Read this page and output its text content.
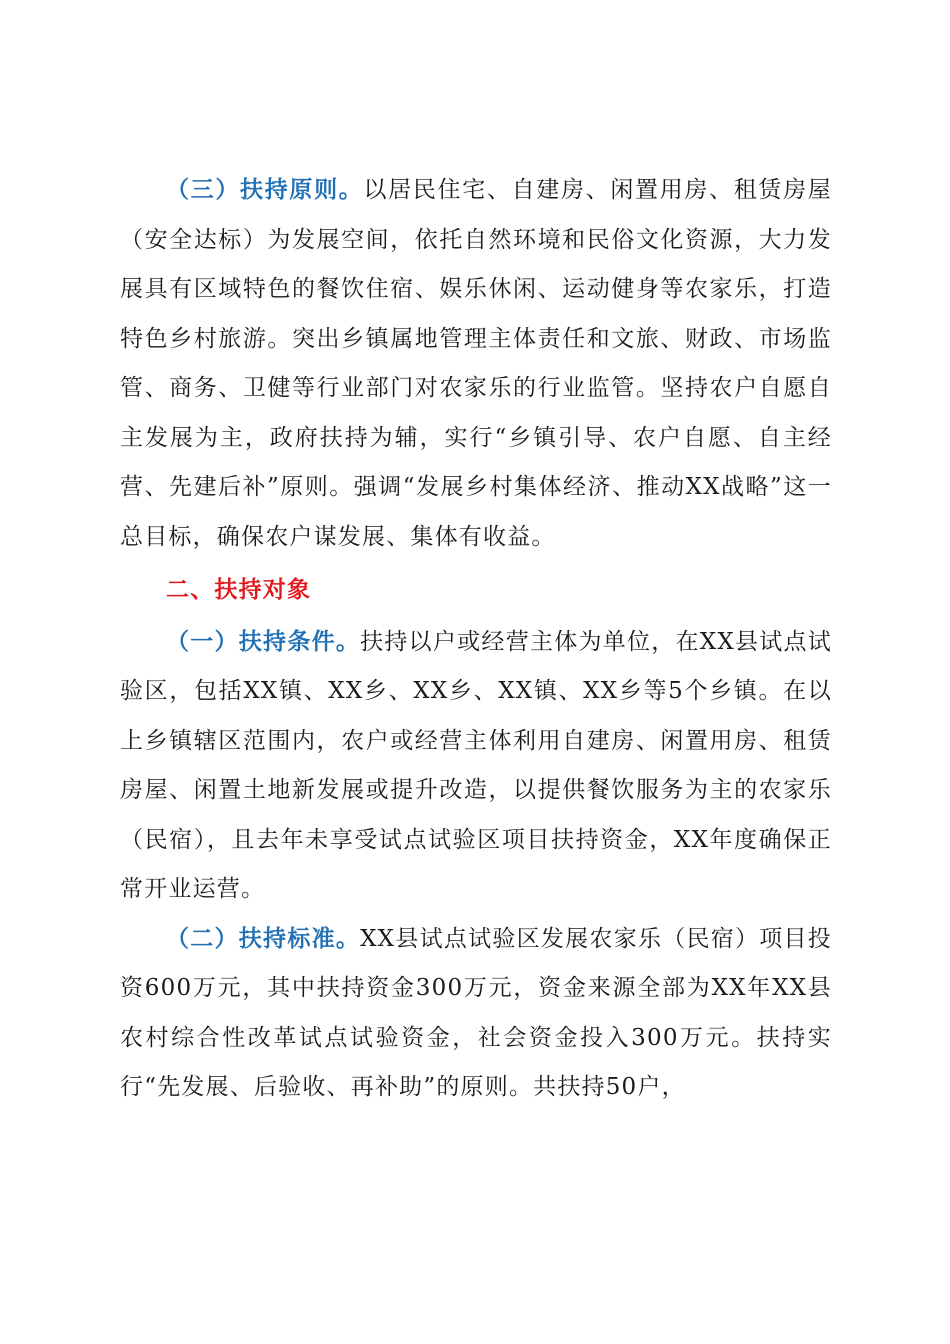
（三）扶持原则。以居民住宅、自建房、闲置用房、租赁房屋（安全达标）为发展空间，依托自然环境和民俗文化资源，大力发展具有区域特色的餐饮住宿、娱乐休闲、运动健身等农家乐，打造特色乡村旅游。突出乡镇属地管理主体责任和文旅、财政、市场监管、商务、卫健等行业部门对农家乐的行业监管。坚持农户自愿自主发展为主，政府扶持为辅，实行“乡镇引导、农户自愿、自主经营、先建后补”原则。强调“发展乡村集体经济、推动XX战略”这一总目标，确保农户谋发展、集体有收益。

二、扶持对象

（一）扶持条件。扶持以户或经营主体为单位，在XX县试点试验区，包括XX镇、XX乡、XX乡、XX镇、XX乡等5个乡镇。在以上乡镇辖区范围内，农户或经营主体利用自建房、闲置用房、租赁房屋、闲置土地新发展或提升改造，以提供餐饮服务为主的农家乐（民宿），且去年未享受试点试验区项目扶持资金，XX年度确保正常开业运营。

（二）扶持标准。XX县试点试验区发展农家乐（民宿）项目投资600万元，其中扶持资金300万元，资金来源全部为XX年XX县农村综合性改革试点试验资金，社会资金投入300万元。扶持实行“先发展、后验收、再补助”的原则。共扶持50户，
